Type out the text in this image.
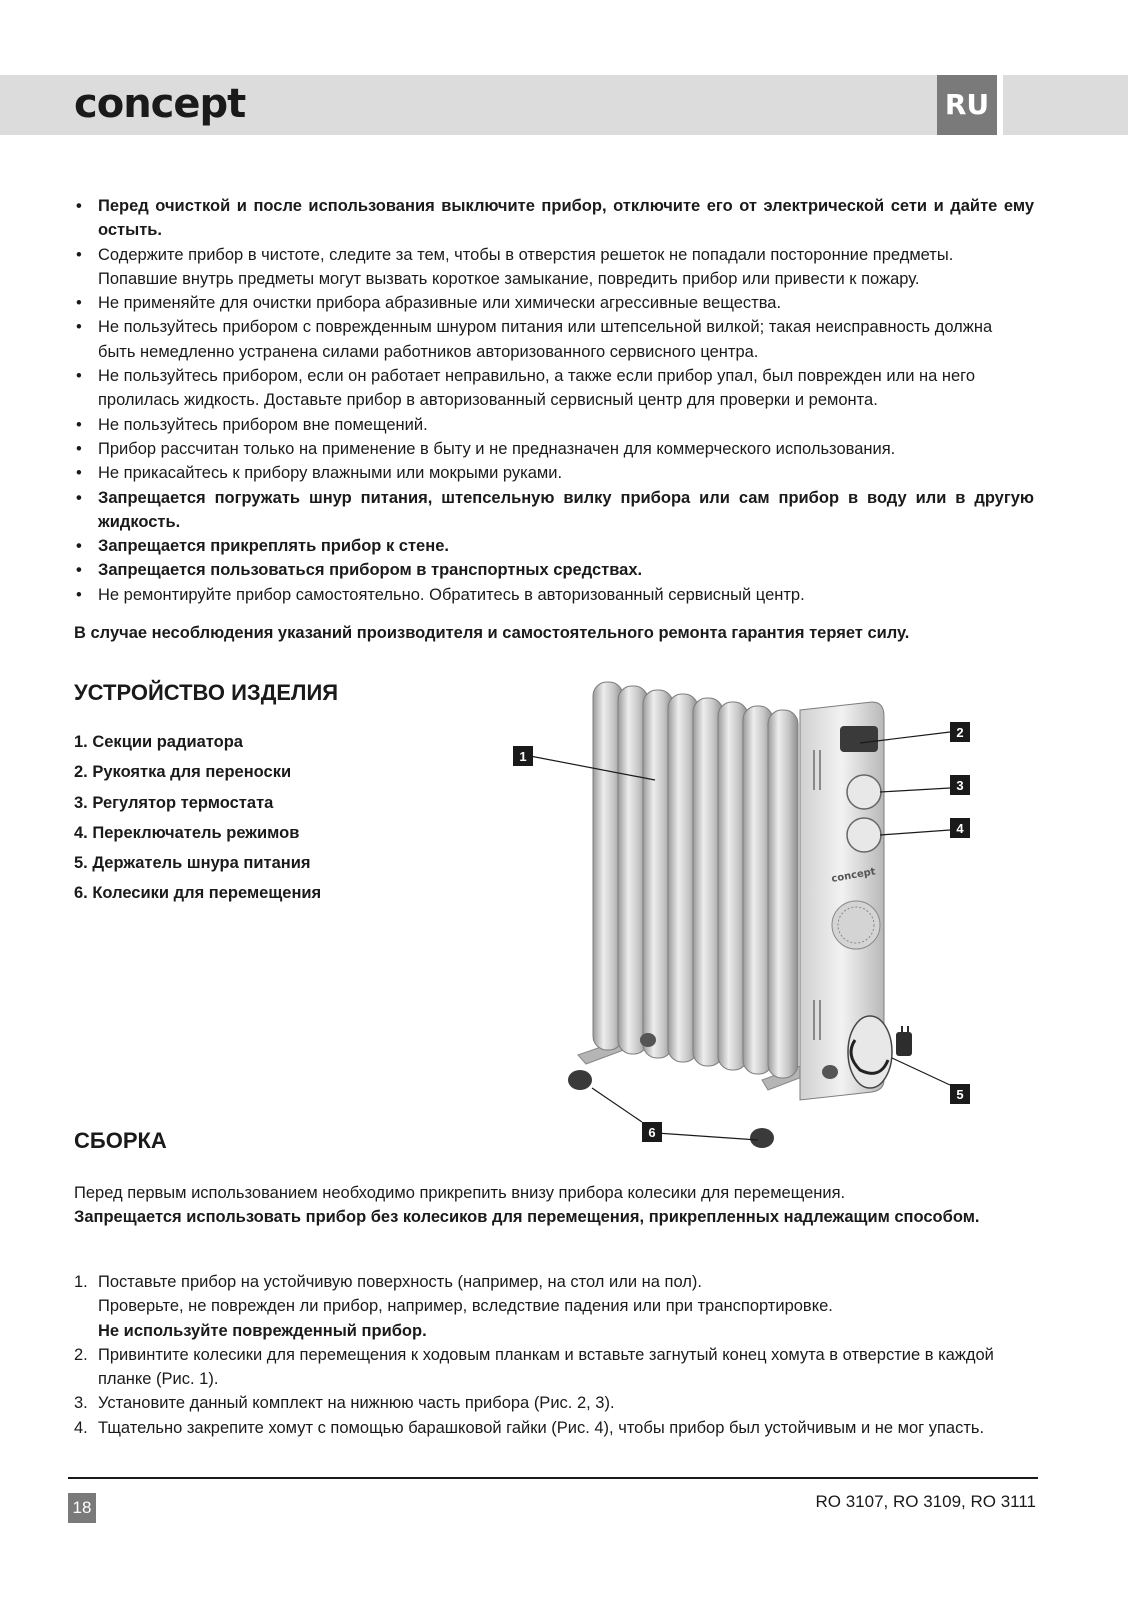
concept	RU
• Перед очисткой и после использования выключите прибор, отключите его от электрической сети и дайте ему остыть.
• Содержите прибор в чистоте, следите за тем, чтобы в отверстия решеток не попадали посторонние предметы. Попавшие внутрь предметы могут вызвать короткое замыкание, повредить прибор или привести к пожару.
• Не применяйте для очистки прибора абразивные или химически агрессивные вещества.
• Не пользуйтесь прибором с поврежденным шнуром питания или штепсельной вилкой; такая неисправность должна быть немедленно устранена силами работников авторизованного сервисного центра.
• Не пользуйтесь прибором, если он работает неправильно, а также если прибор упал, был поврежден или на него пролилась жидкость. Доставьте прибор в авторизованный сервисный центр для проверки и ремонта.
• Не пользуйтесь прибором вне помещений.
• Прибор рассчитан только на применение в быту и не предназначен для коммерческого использования.
• Не прикасайтесь к прибору влажными или мокрыми руками.
• Запрещается погружать шнур питания, штепсельную вилку прибора или сам прибор в воду или в другую жидкость.
• Запрещается прикреплять прибор к стене.
• Запрещается пользоваться прибором в транспортных средствах.
• Не ремонтируйте прибор самостоятельно. Обратитесь в авторизованный сервисный центр.

В случае несоблюдения указаний производителя и самостоятельного ремонта гарантия теряет силу.

УСТРОЙСТВО ИЗДЕЛИЯ
1. Секции радиатора
2. Рукоятка для переноски
3. Регулятор термостата
4. Переключатель режимов
5. Держатель шнура питания
6. Колесики для перемещения
concept
1
2
3
4
5
6
СБОРКА

Перед первым использованием необходимо прикрепить внизу прибора колесики для перемещения.

Запрещается использовать прибор без колесиков для перемещения, прикрепленных надлежащим способом.

1. Поставьте прибор на устойчивую поверхность (например, на стол или на пол).
Проверьте, не поврежден ли прибор, например, вследствие падения или при транспортировке.
Не используйте поврежденный прибор.
2. Привинтите колесики для перемещения к ходовым планкам и вставьте загнутый конец хомута в отверстие в каждой планке (Рис. 1).
3. Установите данный комплект на нижнюю часть прибора (Рис. 2, 3).
4. Тщательно закрепите хомут с помощью барашковой гайки (Рис. 4), чтобы прибор был устойчивым и не мог упасть.
18	RO 3107, RO 3109, RO 3111
